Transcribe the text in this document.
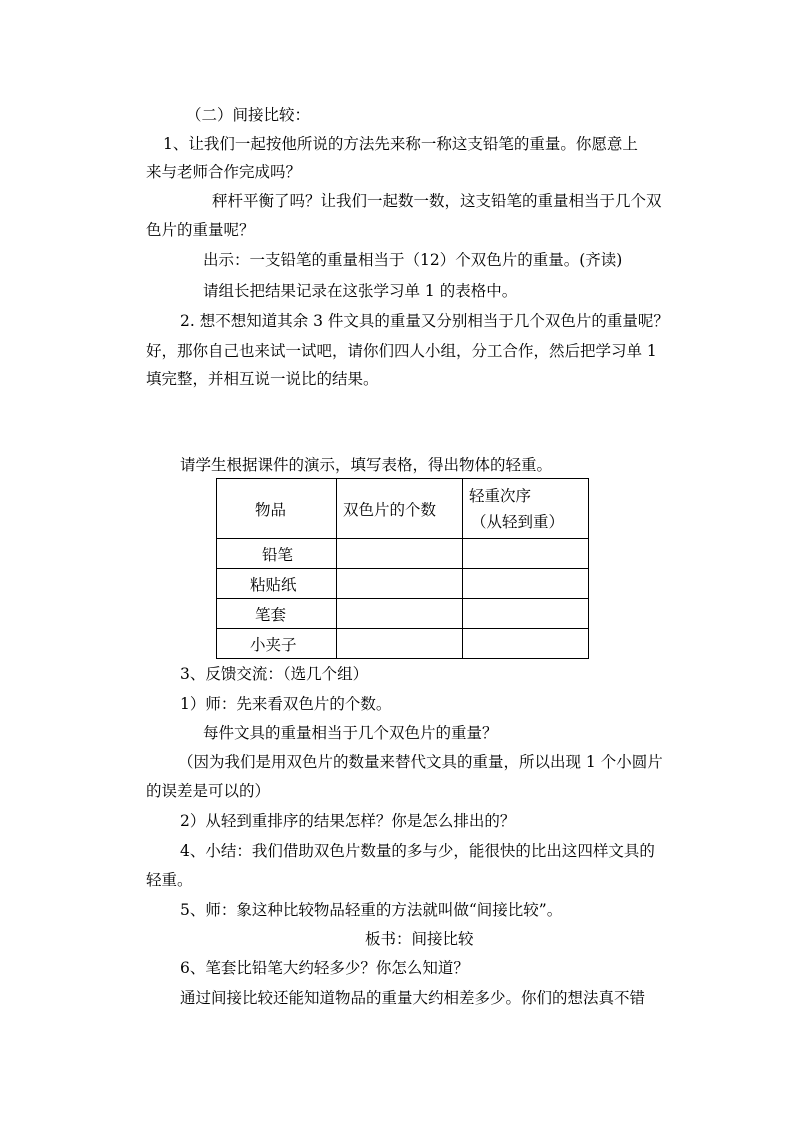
（二）间接比较：
1、让我们一起按他所说的方法先来称一称这支铅笔的重量。你愿意上
来与老师合作完成吗？
秤杆平衡了吗？让我们一起数一数，这支铅笔的重量相当于几个双
色片的重量呢？
出示：一支铅笔的重量相当于（12）个双色片的重量。(齐读)
请组长把结果记录在这张学习单 1 的表格中。
2. 想不想知道其余 3 件文具的重量又分别相当于几个双色片的重量呢？
好，那你自己也来试一试吧，请你们四人小组，分工合作，然后把学习单 1
填完整，并相互说一说比的结果。
请学生根据课件的演示，填写表格，得出物体的轻重。
物品	双色片的个数	轻重次序
（从轻到重）

铅笔		
粘贴纸		
笔套		
小夹子		
3、反馈交流：（选几个组）
1）师：先来看双色片的个数。
每件文具的重量相当于几个双色片的重量？
（因为我们是用双色片的数量来替代文具的重量，所以出现 1 个小圆片
的误差是可以的）
2）从轻到重排序的结果怎样？你是怎么排出的？
4、小结：我们借助双色片数量的多与少，能很快的比出这四样文具的
轻重。
5、师：象这种比较物品轻重的方法就叫做“间接比较”。
板书：间接比较
6、笔套比铅笔大约轻多少？你怎么知道？
通过间接比较还能知道物品的重量大约相差多少。你们的想法真不错
